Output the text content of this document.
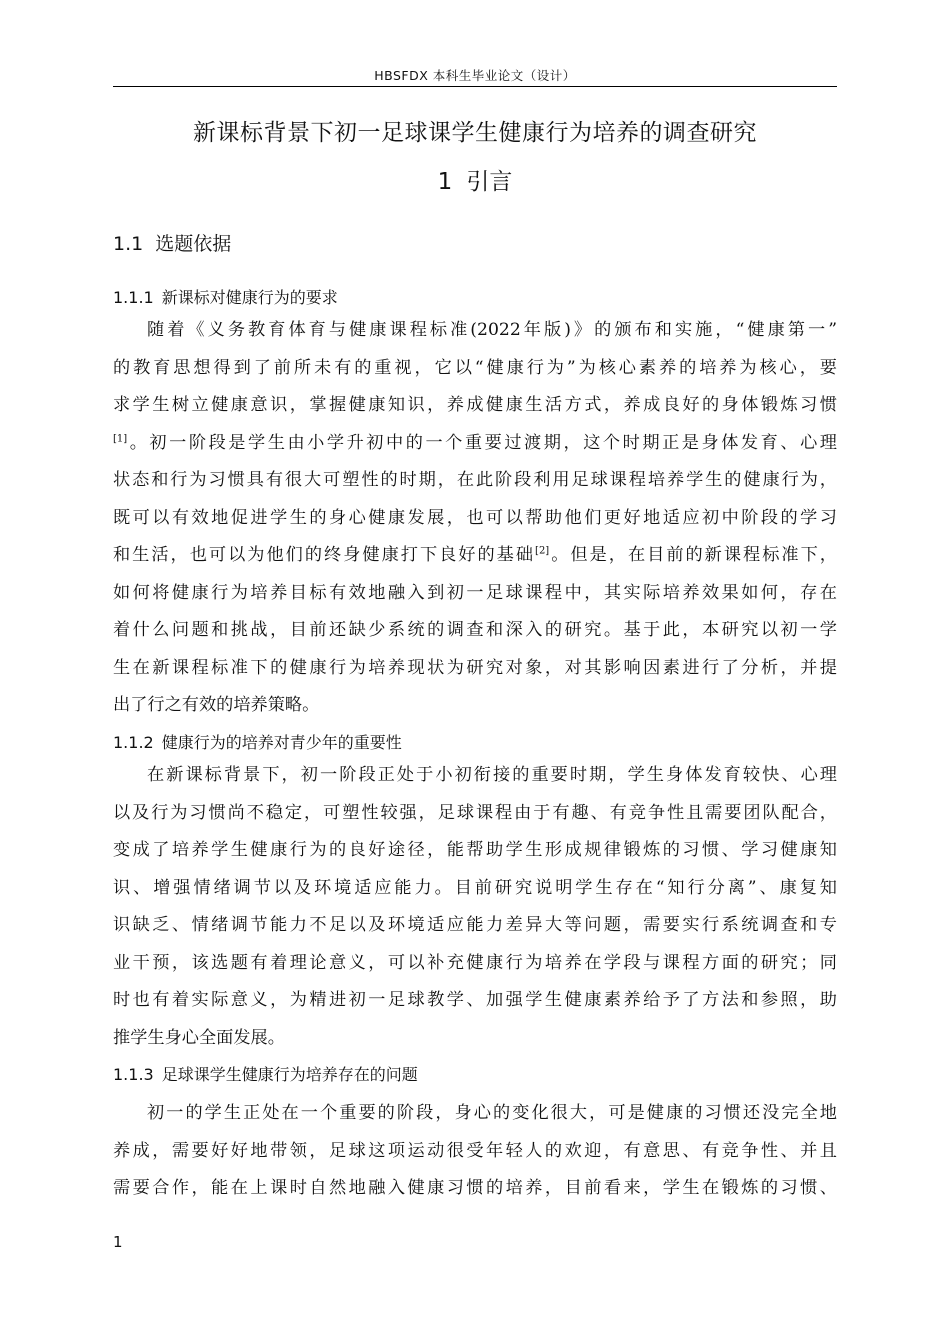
HBSFDX 本科生毕业论文（设计）
新课标背景下初一足球课学生健康行为培养的调查研究
1 引言
1.1 选题依据
1.1.1 新课标对健康行为的要求
随着《义务教育体育与健康课程标准(2022年版)》的颁布和实施，“健康第一”
的教育思想得到了前所未有的重视，它以“健康行为”为核心素养的培养为核心，要
求学生树立健康意识，掌握健康知识，养成健康生活方式，养成良好的身体锻炼习惯
[1]。初一阶段是学生由小学升初中的一个重要过渡期，这个时期正是身体发育、心理
状态和行为习惯具有很大可塑性的时期，在此阶段利用足球课程培养学生的健康行为，
既可以有效地促进学生的身心健康发展，也可以帮助他们更好地适应初中阶段的学习
和生活，也可以为他们的终身健康打下良好的基础[2]。但是，在目前的新课程标准下，
如何将健康行为培养目标有效地融入到初一足球课程中，其实际培养效果如何，存在
着什么问题和挑战，目前还缺少系统的调查和深入的研究。基于此，本研究以初一学
生在新课程标准下的健康行为培养现状为研究对象，对其影响因素进行了分析，并提
出了行之有效的培养策略。
1.1.2 健康行为的培养对青少年的重要性
在新课标背景下，初一阶段正处于小初衔接的重要时期，学生身体发育较快、心理
以及行为习惯尚不稳定，可塑性较强，足球课程由于有趣、有竞争性且需要团队配合，
变成了培养学生健康行为的良好途径，能帮助学生形成规律锻炼的习惯、学习健康知
识、增强情绪调节以及环境适应能力。目前研究说明学生存在“知行分离”、康复知
识缺乏、情绪调节能力不足以及环境适应能力差异大等问题，需要实行系统调查和专
业干预，该选题有着理论意义，可以补充健康行为培养在学段与课程方面的研究；同
时也有着实际意义，为精进初一足球教学、加强学生健康素养给予了方法和参照，助
推学生身心全面发展。
1.1.3 足球课学生健康行为培养存在的问题
初一的学生正处在一个重要的阶段，身心的变化很大，可是健康的习惯还没完全地
养成，需要好好地带领，足球这项运动很受年轻人的欢迎，有意思、有竞争性、并且
需要合作，能在上课时自然地融入健康习惯的培养，目前看来，学生在锻炼的习惯、
1
